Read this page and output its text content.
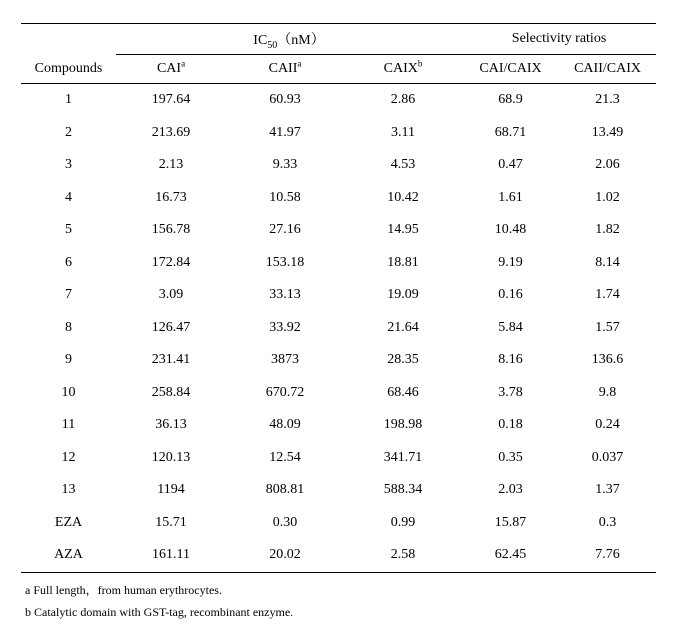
	$IC_{50}(nM)$			Selectivity ratios	
Compounds	CAI$^a$	CAII$^a$	CAIX$^b$	CAI/CAIX	CAII/CAIX
1	197.64	60.93	2.86	68.9	21.3
2	213.69	41.97	3.11	68.71	13.49
3	2.13	9.33	4.53	0.47	2.06
4	16.73	10.58	10.42	1.61	1.02
5	156.78	27.16	14.95	10.48	1.82
6	172.84	153.18	18.81	9.19	8.14
7	3.09	33.13	19.09	0.16	1.74
8	126.47	33.92	21.64	5.84	1.57
9	231.41	3873	28.35	8.16	136.6
10	258.84	670.72	68.46	3.78	9.8
11	36.13	48.09	198.98	0.18	0.24
12	120.13	12.54	341.71	0.35	0.037
13	1194	808.81	588.34	2.03	1.37
EZA	15.71	0.30	0.99	15.87	0.3
AZA	161.11	20.02	2.58	62.45	7.76
a Full length，from human erythrocytes.
b Catalytic domain with GST-tag, recombinant enzyme.
